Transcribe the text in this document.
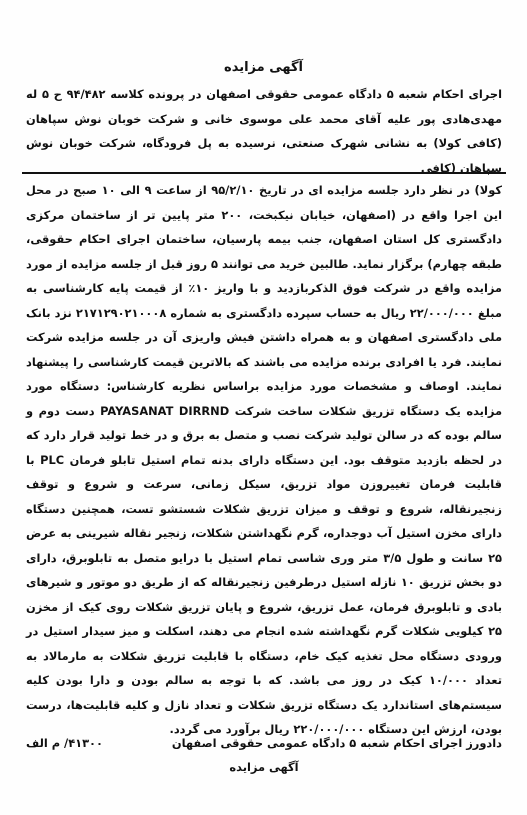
آگهی مزایده

اجرای احکام شعبه ۵ دادگاه عمومی حقوقی اصفهان در پرونده کلاسه ۹۴/۴۸۲ ح ۵ له مهدی‌هادی پور علیه آقای محمد علی موسوی خانی و شرکت خوبان نوش سپاهان (کافی کولا) به نشانی شهرک صنعتی، نرسیده به پل فرودگاه، شرکت خوبان نوش سپاهان (کافی

کولا) در نظر دارد جلسه مزایده ای در تاریخ ۹۵/۲/۱۰ از ساعت ۹ الی ۱۰ صبح در محل این اجرا واقع در (اصفهان، خیابان نیکبخت، ۲۰۰ متر پایین تر از ساختمان مرکزی دادگستری کل استان اصفهان، جنب بیمه پارسیان، ساختمان اجرای احکام حقوقی، طبقه چهارم) برگزار نماید. طالبین خرید می توانند ۵ روز قبل از جلسه مزایده از مورد مزایده واقع در شرکت فوق الذکربازدید و با واریز ۱۰٪ از قیمت پایه کارشناسی به مبلغ ۲۲/۰۰۰/۰۰۰ ریال به حساب سپرده دادگستری به شماره ۲۱۷۱۲۹۰۲۱۰۰۰۸ نزد بانک ملی دادگستری اصفهان و به همراه داشتن فیش واریزی آن در جلسه مزایده شرکت نمایند. فرد یا افرادی برنده مزایده می باشند که بالاترین قیمت کارشناسی را پیشنهاد نمایند. اوصاف و مشخصات مورد مزایده براساس نظریه کارشناس: دستگاه مورد مزایده یک دستگاه تزریق شکلات ساخت شرکت PAYASANAT DIRRND دست دوم و سالم بوده که در سالن تولید شرکت نصب و متصل به برق و در خط تولید قرار دارد که در لحظه بازدید متوقف بود. این دستگاه دارای بدنه تمام استیل تابلو فرمان PLC با قابلیت فرمان تغییروزن مواد تزریق، سیکل زمانی، سرعت و شروع و توقف زنجیرنقاله، شروع و توقف و میزان تزریق شکلات شستشو تست، همچنین دستگاه دارای مخزن استیل آب دوجداره، گرم نگهداشتن شکلات، زنجیر نقاله شیرینی به عرض ۲۵ سانت و طول ۳/۵ متر وری شاسی تمام استیل با درایو متصل به تابلوبرق، دارای دو بخش تزریق ۱۰ نازله استیل درطرفین زنجیرنقاله که از طریق دو موتور و شیرهای بادی و تابلوبرق فرمان، عمل تزریق، شروع و پایان تزریق شکلات روی کیک از مخزن ۲۵ کیلویی شکلات گرم نگهداشته شده انجام می دهند، اسکلت و میز سیدار استیل در ورودی دستگاه محل تغذیه کیک خام، دستگاه با قابلیت تزریق شکلات به مارمالاد به تعداد ۱۰/۰۰۰ کیک در روز می باشد. که با توجه به سالم بودن و دارا بودن کلیه سیستم‌های استاندارد یک دستگاه تزریق شکلات و تعداد نازل و کلیه قابلیت‌ها، درست بودن، ارزش این دستگاه ۲۲۰/۰۰۰/۰۰۰ ریال برآورد می گردد.

دادورز اجرای احکام شعبه ۵ دادگاه عمومی حقوقی اصفهان
۴۱۳۰۰/ م الف
آگهی مزایده
